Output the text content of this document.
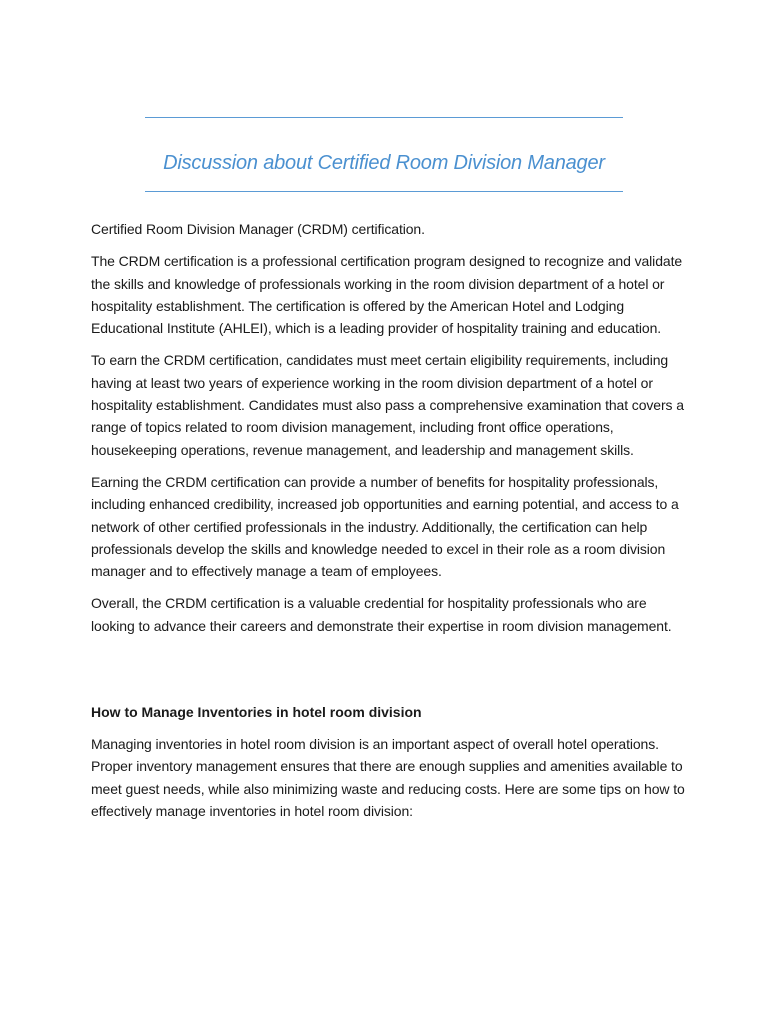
Discussion about Certified Room Division Manager

Certified Room Division Manager (CRDM) certification.

The CRDM certification is a professional certification program designed to recognize and validate the skills and knowledge of professionals working in the room division department of a hotel or hospitality establishment. The certification is offered by the American Hotel and Lodging Educational Institute (AHLEI), which is a leading provider of hospitality training and education.

To earn the CRDM certification, candidates must meet certain eligibility requirements, including having at least two years of experience working in the room division department of a hotel or hospitality establishment. Candidates must also pass a comprehensive examination that covers a range of topics related to room division management, including front office operations, housekeeping operations, revenue management, and leadership and management skills.

Earning the CRDM certification can provide a number of benefits for hospitality professionals, including enhanced credibility, increased job opportunities and earning potential, and access to a network of other certified professionals in the industry. Additionally, the certification can help professionals develop the skills and knowledge needed to excel in their role as a room division manager and to effectively manage a team of employees.

Overall, the CRDM certification is a valuable credential for hospitality professionals who are looking to advance their careers and demonstrate their expertise in room division management.

How to Manage Inventories in hotel room division

Managing inventories in hotel room division is an important aspect of overall hotel operations. Proper inventory management ensures that there are enough supplies and amenities available to meet guest needs, while also minimizing waste and reducing costs. Here are some tips on how to effectively manage inventories in hotel room division:
